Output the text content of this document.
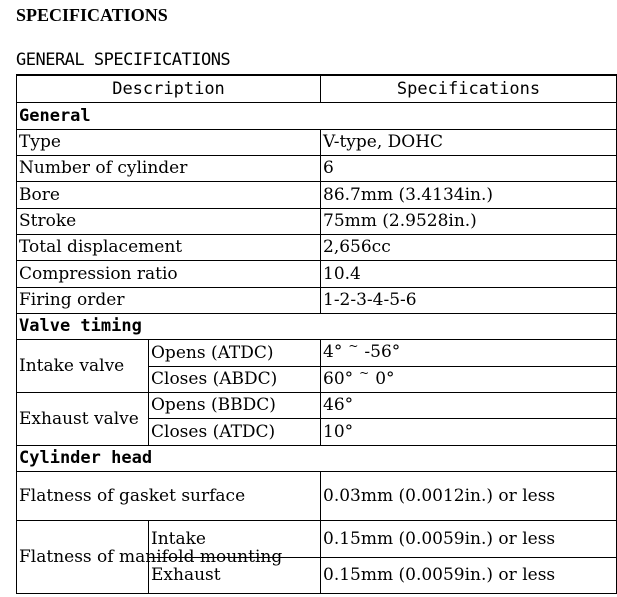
SPECIFICATIONS
GENERAL SPECIFICATIONS
Description		Specifications
General		
Type		V-type, DOHC
Number of cylinder		6
Bore		86.7mm (3.4134in.)
Stroke		75mm (2.9528in.)
Total displacement		2,656cc
Compression ratio		10.4
Firing order		1-2-3-4-5-6
Valve timing		
Intake valve	Opens (ATDC)	4° ~ -56°
	Closes (ABDC)	60° ~ 0°
Exhaust valve	Opens (BBDC)	46°
	Closes (ATDC)	10°
Cylinder head		
Flatness of gasket surface		0.03mm (0.0012in.) or less
Flatness of manifold mounting	Intake	0.15mm (0.0059in.) or less
	Exhaust	0.15mm (0.0059in.) or less
